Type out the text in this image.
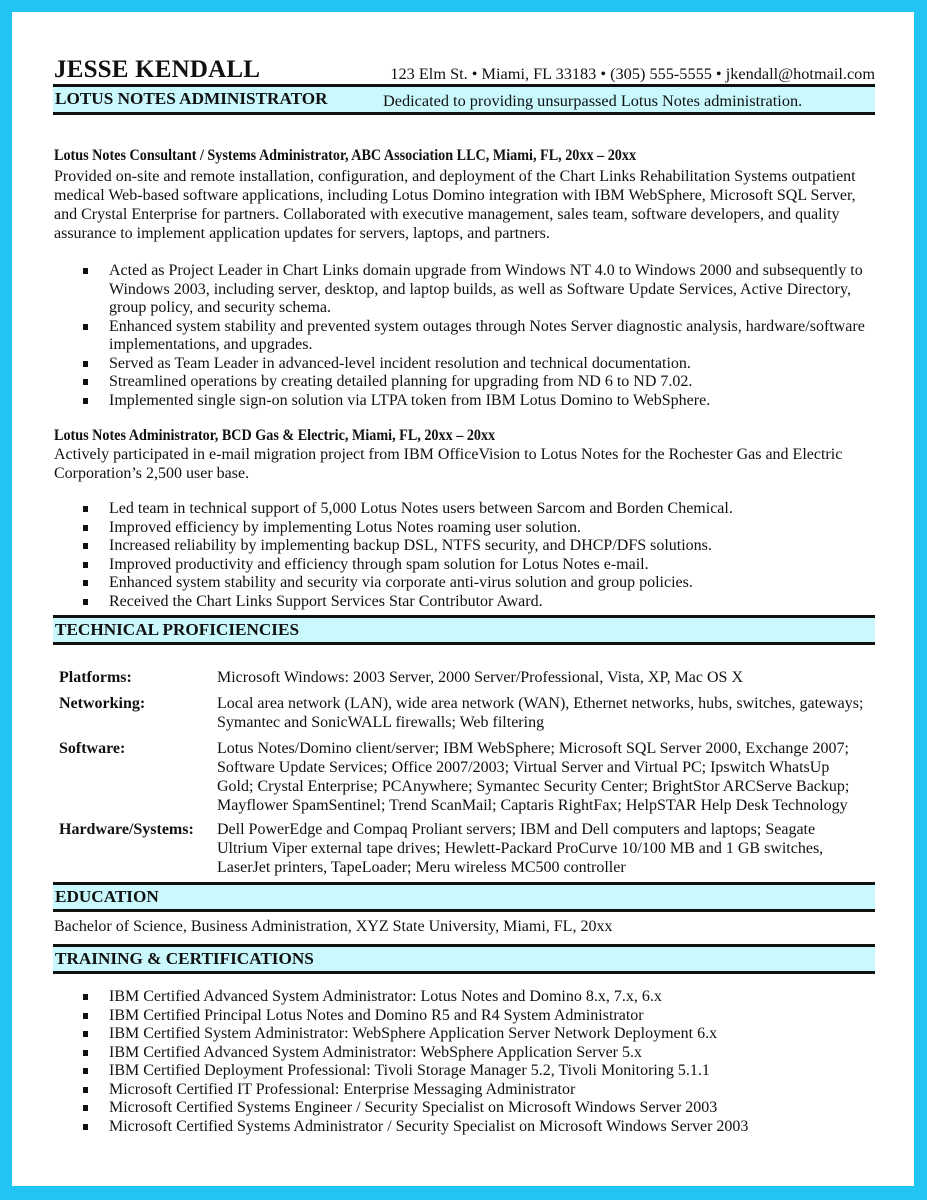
JESSE KENDALL	123 Elm St. • Miami, FL 33183 • (305) 555-5555 • jkendall@hotmail.com
LOTUS NOTES ADMINISTRATOR	Dedicated to providing unsurpassed Lotus Notes administration.
Lotus Notes Consultant / Systems Administrator, ABC Association LLC, Miami, FL, 20xx – 20xx
Provided on-site and remote installation, configuration, and deployment of the Chart Links Rehabilitation Systems outpatient
medical Web-based software applications, including Lotus Domino integration with IBM WebSphere, Microsoft SQL Server,
and Crystal Enterprise for partners. Collaborated with executive management, sales team, software developers, and quality
assurance to implement application updates for servers, laptops, and partners.
Acted as Project Leader in Chart Links domain upgrade from Windows NT 4.0 to Windows 2000 and subsequently to
Windows 2003, including server, desktop, and laptop builds, as well as Software Update Services, Active Directory,
group policy, and security schema.
Enhanced system stability and prevented system outages through Notes Server diagnostic analysis, hardware/software
implementations, and upgrades.
Served as Team Leader in advanced-level incident resolution and technical documentation.
Streamlined operations by creating detailed planning for upgrading from ND 6 to ND 7.02.
Implemented single sign-on solution via LTPA token from IBM Lotus Domino to WebSphere.
Lotus Notes Administrator, BCD Gas & Electric, Miami, FL, 20xx – 20xx
Actively participated in e-mail migration project from IBM OfficeVision to Lotus Notes for the Rochester Gas and Electric
Corporation’s 2,500 user base.
Led team in technical support of 5,000 Lotus Notes users between Sarcom and Borden Chemical.
Improved efficiency by implementing Lotus Notes roaming user solution.
Increased reliability by implementing backup DSL, NTFS security, and DHCP/DFS solutions.
Improved productivity and efficiency through spam solution for Lotus Notes e-mail.
Enhanced system stability and security via corporate anti-virus solution and group policies.
Received the Chart Links Support Services Star Contributor Award.
TECHNICAL PROFICIENCIES
Platforms:	Microsoft Windows: 2003 Server, 2000 Server/Professional, Vista, XP, Mac OS X
Networking:	Local area network (LAN), wide area network (WAN), Ethernet networks, hubs, switches, gateways;
Symantec and SonicWALL firewalls; Web filtering
Software:	Lotus Notes/Domino client/server; IBM WebSphere; Microsoft SQL Server 2000, Exchange 2007;
Software Update Services; Office 2007/2003; Virtual Server and Virtual PC; Ipswitch WhatsUp
Gold; Crystal Enterprise; PCAnywhere; Symantec Security Center; BrightStor ARCServe Backup;
Mayflower SpamSentinel; Trend ScanMail; Captaris RightFax; HelpSTAR Help Desk Technology
Hardware/Systems: Dell PowerEdge and Compaq Proliant servers; IBM and Dell computers and laptops; Seagate
Ultrium Viper external tape drives; Hewlett-Packard ProCurve 10/100 MB and 1 GB switches,
LaserJet printers, TapeLoader; Meru wireless MC500 controller
EDUCATION
Bachelor of Science, Business Administration, XYZ State University, Miami, FL, 20xx
TRAINING & CERTIFICATIONS
IBM Certified Advanced System Administrator: Lotus Notes and Domino 8.x, 7.x, 6.x
IBM Certified Principal Lotus Notes and Domino R5 and R4 System Administrator
IBM Certified System Administrator: WebSphere Application Server Network Deployment 6.x
IBM Certified Advanced System Administrator: WebSphere Application Server 5.x
IBM Certified Deployment Professional: Tivoli Storage Manager 5.2, Tivoli Monitoring 5.1.1
Microsoft Certified IT Professional: Enterprise Messaging Administrator
Microsoft Certified Systems Engineer / Security Specialist on Microsoft Windows Server 2003
Microsoft Certified Systems Administrator / Security Specialist on Microsoft Windows Server 2003
